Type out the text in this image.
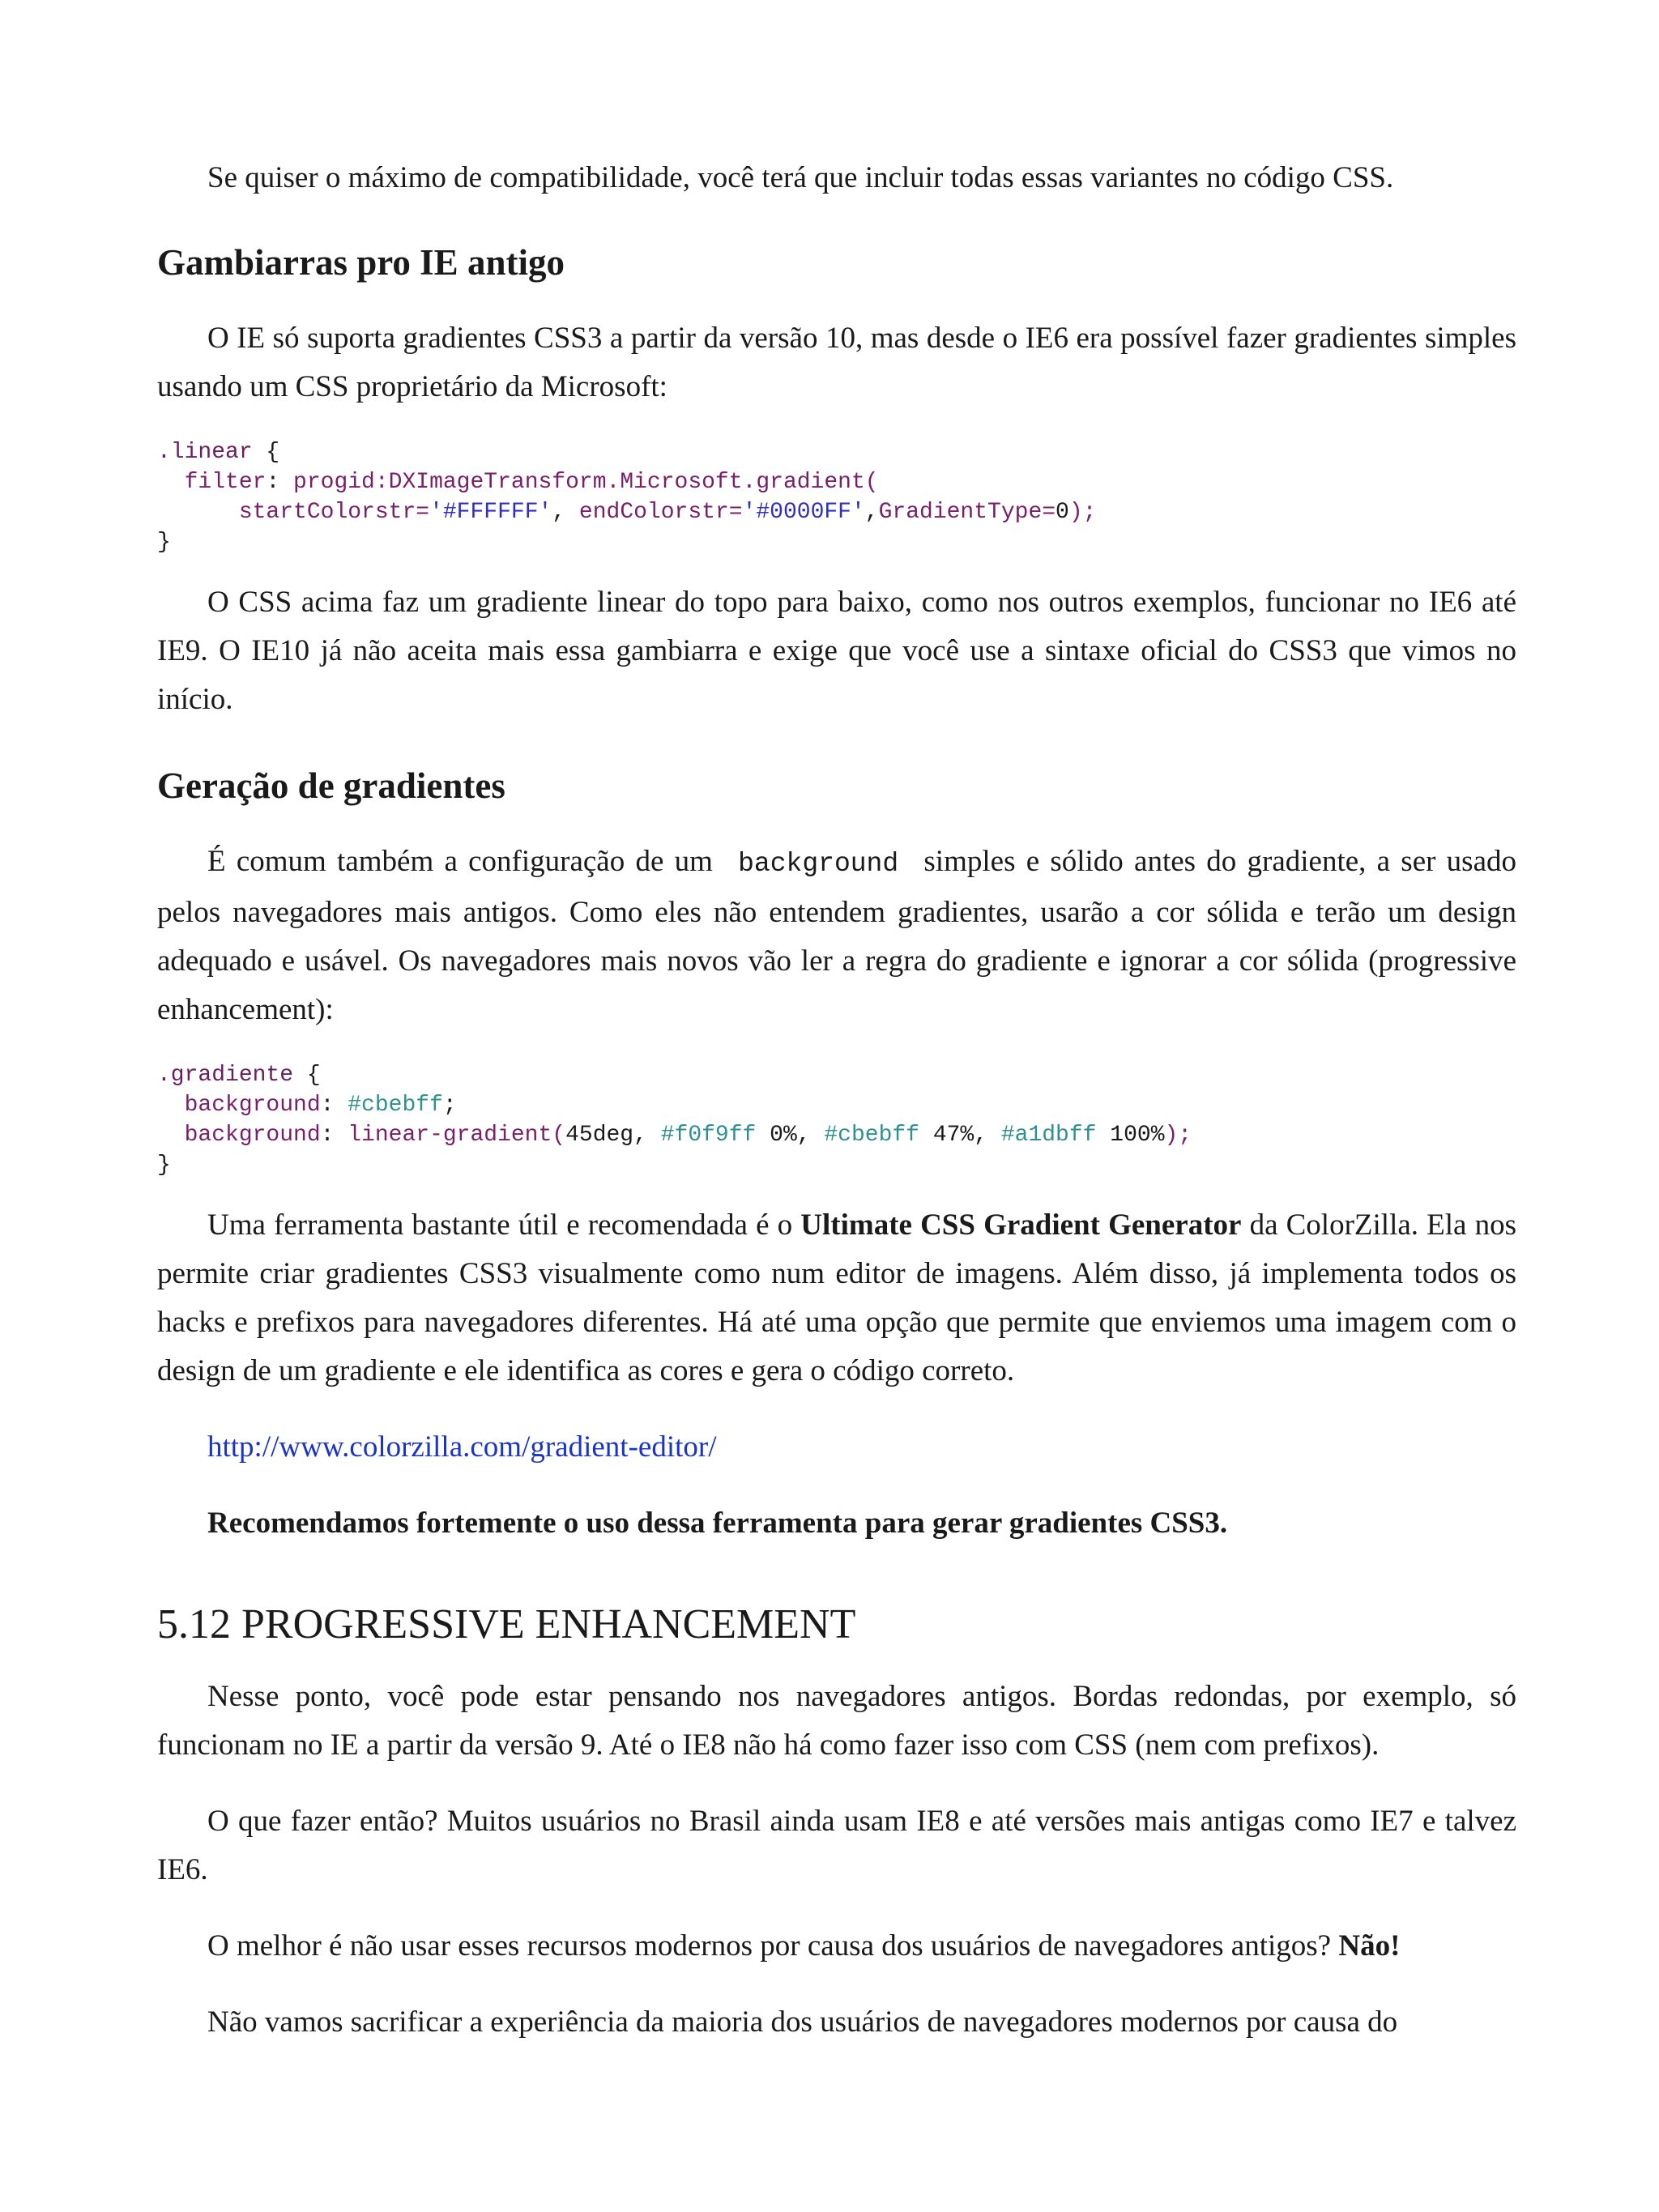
Se quiser o máximo de compatibilidade, você terá que incluir todas essas variantes no código CSS.

Gambiarras pro IE antigo

O IE só suporta gradientes CSS3 a partir da versão 10, mas desde o IE6 era possível fazer gradientes simples usando um CSS proprietário da Microsoft:

.linear {
filter: progid:DXImageTransform.Microsoft.gradient(
startColorstr='#FFFFFF', endColorstr='#0000FF',GradientType=0);
}

O CSS acima faz um gradiente linear do topo para baixo, como nos outros exemplos, funcionar no IE6 até IE9. O IE10 já não aceita mais essa gambiarra e exige que você use a sintaxe oficial do CSS3 que vimos no início.

Geração de gradientes

É comum também a configuração de um background simples e sólido antes do gradiente, a ser usado pelos navegadores mais antigos. Como eles não entendem gradientes, usarão a cor sólida e terão um design adequado e usável. Os navegadores mais novos vão ler a regra do gradiente e ignorar a cor sólida (progressive enhancement):

.gradiente {
background: #cbebff;
background: linear-gradient(45deg, #f0f9ff 0%, #cbebff 47%, #a1dbff 100%);
}

Uma ferramenta bastante útil e recomendada é o Ultimate CSS Gradient Generator da ColorZilla. Ela nos permite criar gradientes CSS3 visualmente como num editor de imagens. Além disso, já implementa todos os hacks e prefixos para navegadores diferentes. Há até uma opção que permite que enviemos uma imagem com o design de um gradiente e ele identifica as cores e gera o código correto.

http://www.colorzilla.com/gradient-editor/

Recomendamos fortemente o uso dessa ferramenta para gerar gradientes CSS3.

5.12 PROGRESSIVE ENHANCEMENT

Nesse ponto, você pode estar pensando nos navegadores antigos. Bordas redondas, por exemplo, só funcionam no IE a partir da versão 9. Até o IE8 não há como fazer isso com CSS (nem com prefixos).

O que fazer então? Muitos usuários no Brasil ainda usam IE8 e até versões mais antigas como IE7 e talvez IE6.

O melhor é não usar esses recursos modernos por causa dos usuários de navegadores antigos? Não!

Não vamos sacrificar a experiência da maioria dos usuários de navegadores modernos por causa do
